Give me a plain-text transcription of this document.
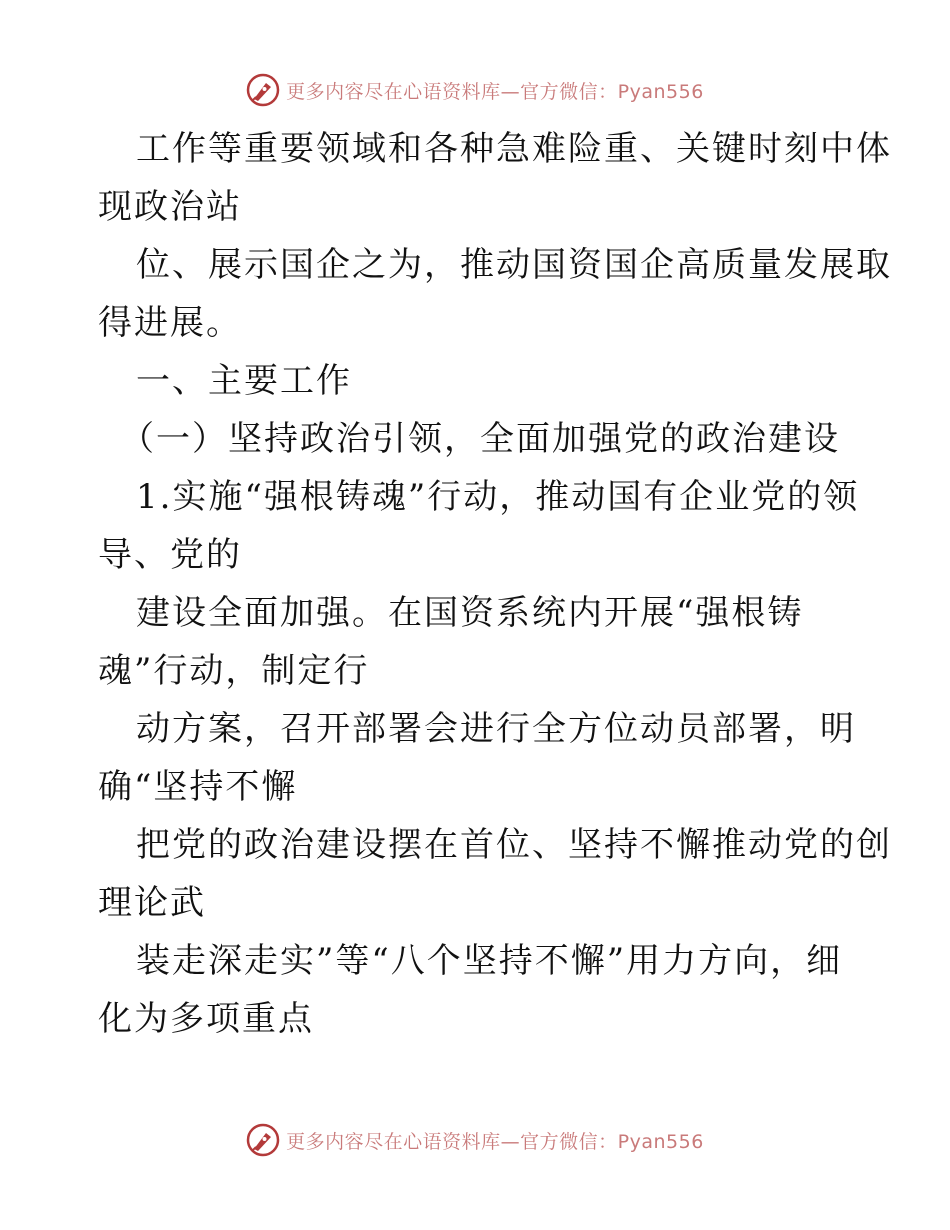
更多内容尽在心语资料库—官方微信：Pyan556
工作等重要领域和各种急难险重、关键时刻中体
现政治站
位、展示国企之为，推动国资国企高质量发展取
得进展。
一、主要工作
（一）坚持政治引领，全面加强党的政治建设
1.实施“强根铸魂”行动，推动国有企业党的领
导、党的
建设全面加强。在国资系统内开展“强根铸
魂”行动，制定行
动方案，召开部署会进行全方位动员部署，明
确“坚持不懈
把党的政治建设摆在首位、坚持不懈推动党的创
理论武
装走深走实”等“八个坚持不懈”用力方向，细
化为多项重点
更多内容尽在心语资料库—官方微信：Pyan556
